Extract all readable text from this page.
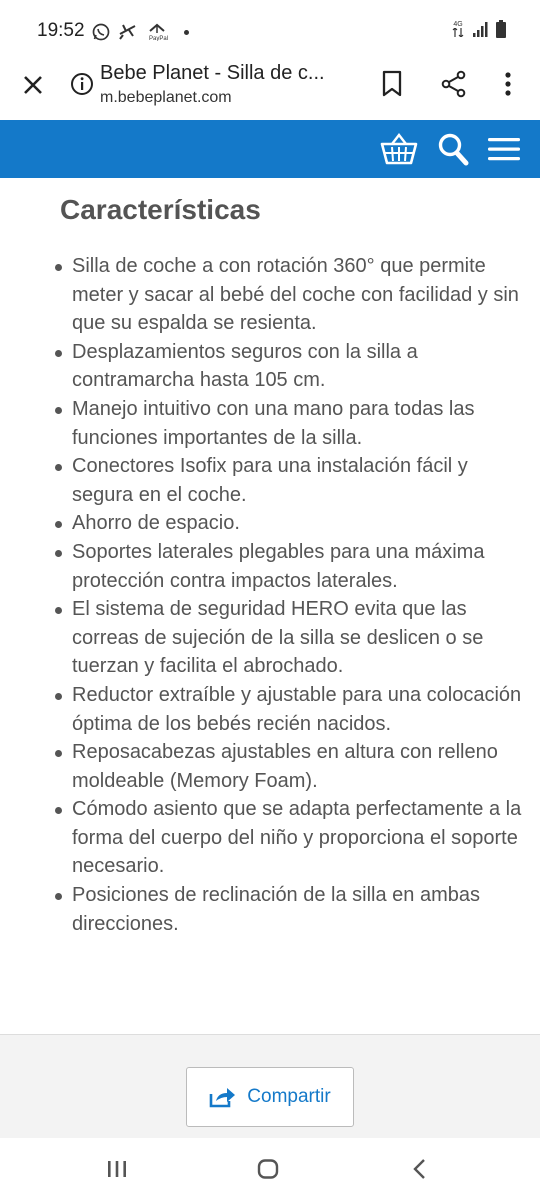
19:52	PayPal
4G
Bebe Planet - Silla de c...
m.bebeplanet.com
Características
Silla de coche a con rotación 360° que permite meter y sacar al bebé del coche con facilidad y sin que su espalda se resienta.
Desplazamientos seguros con la silla a contramarcha hasta 105 cm.
Manejo intuitivo con una mano para todas las funciones importantes de la silla.
Conectores Isofix para una instalación fácil y segura en el coche.
Ahorro de espacio.
Soportes laterales plegables para una máxima protección contra impactos laterales.
El sistema de seguridad HERO evita que las correas de sujeción de la silla se deslicen o se tuerzan y facilita el abrochado.
Reductor extraíble y ajustable para una colocación óptima de los bebés recién nacidos.
Reposacabezas ajustables en altura con relleno moldeable (Memory Foam).
Cómodo asiento que se adapta perfectamente a la forma del cuerpo del niño y proporciona el soporte necesario.
Posiciones de reclinación de la silla en ambas direcciones.
Compartir
